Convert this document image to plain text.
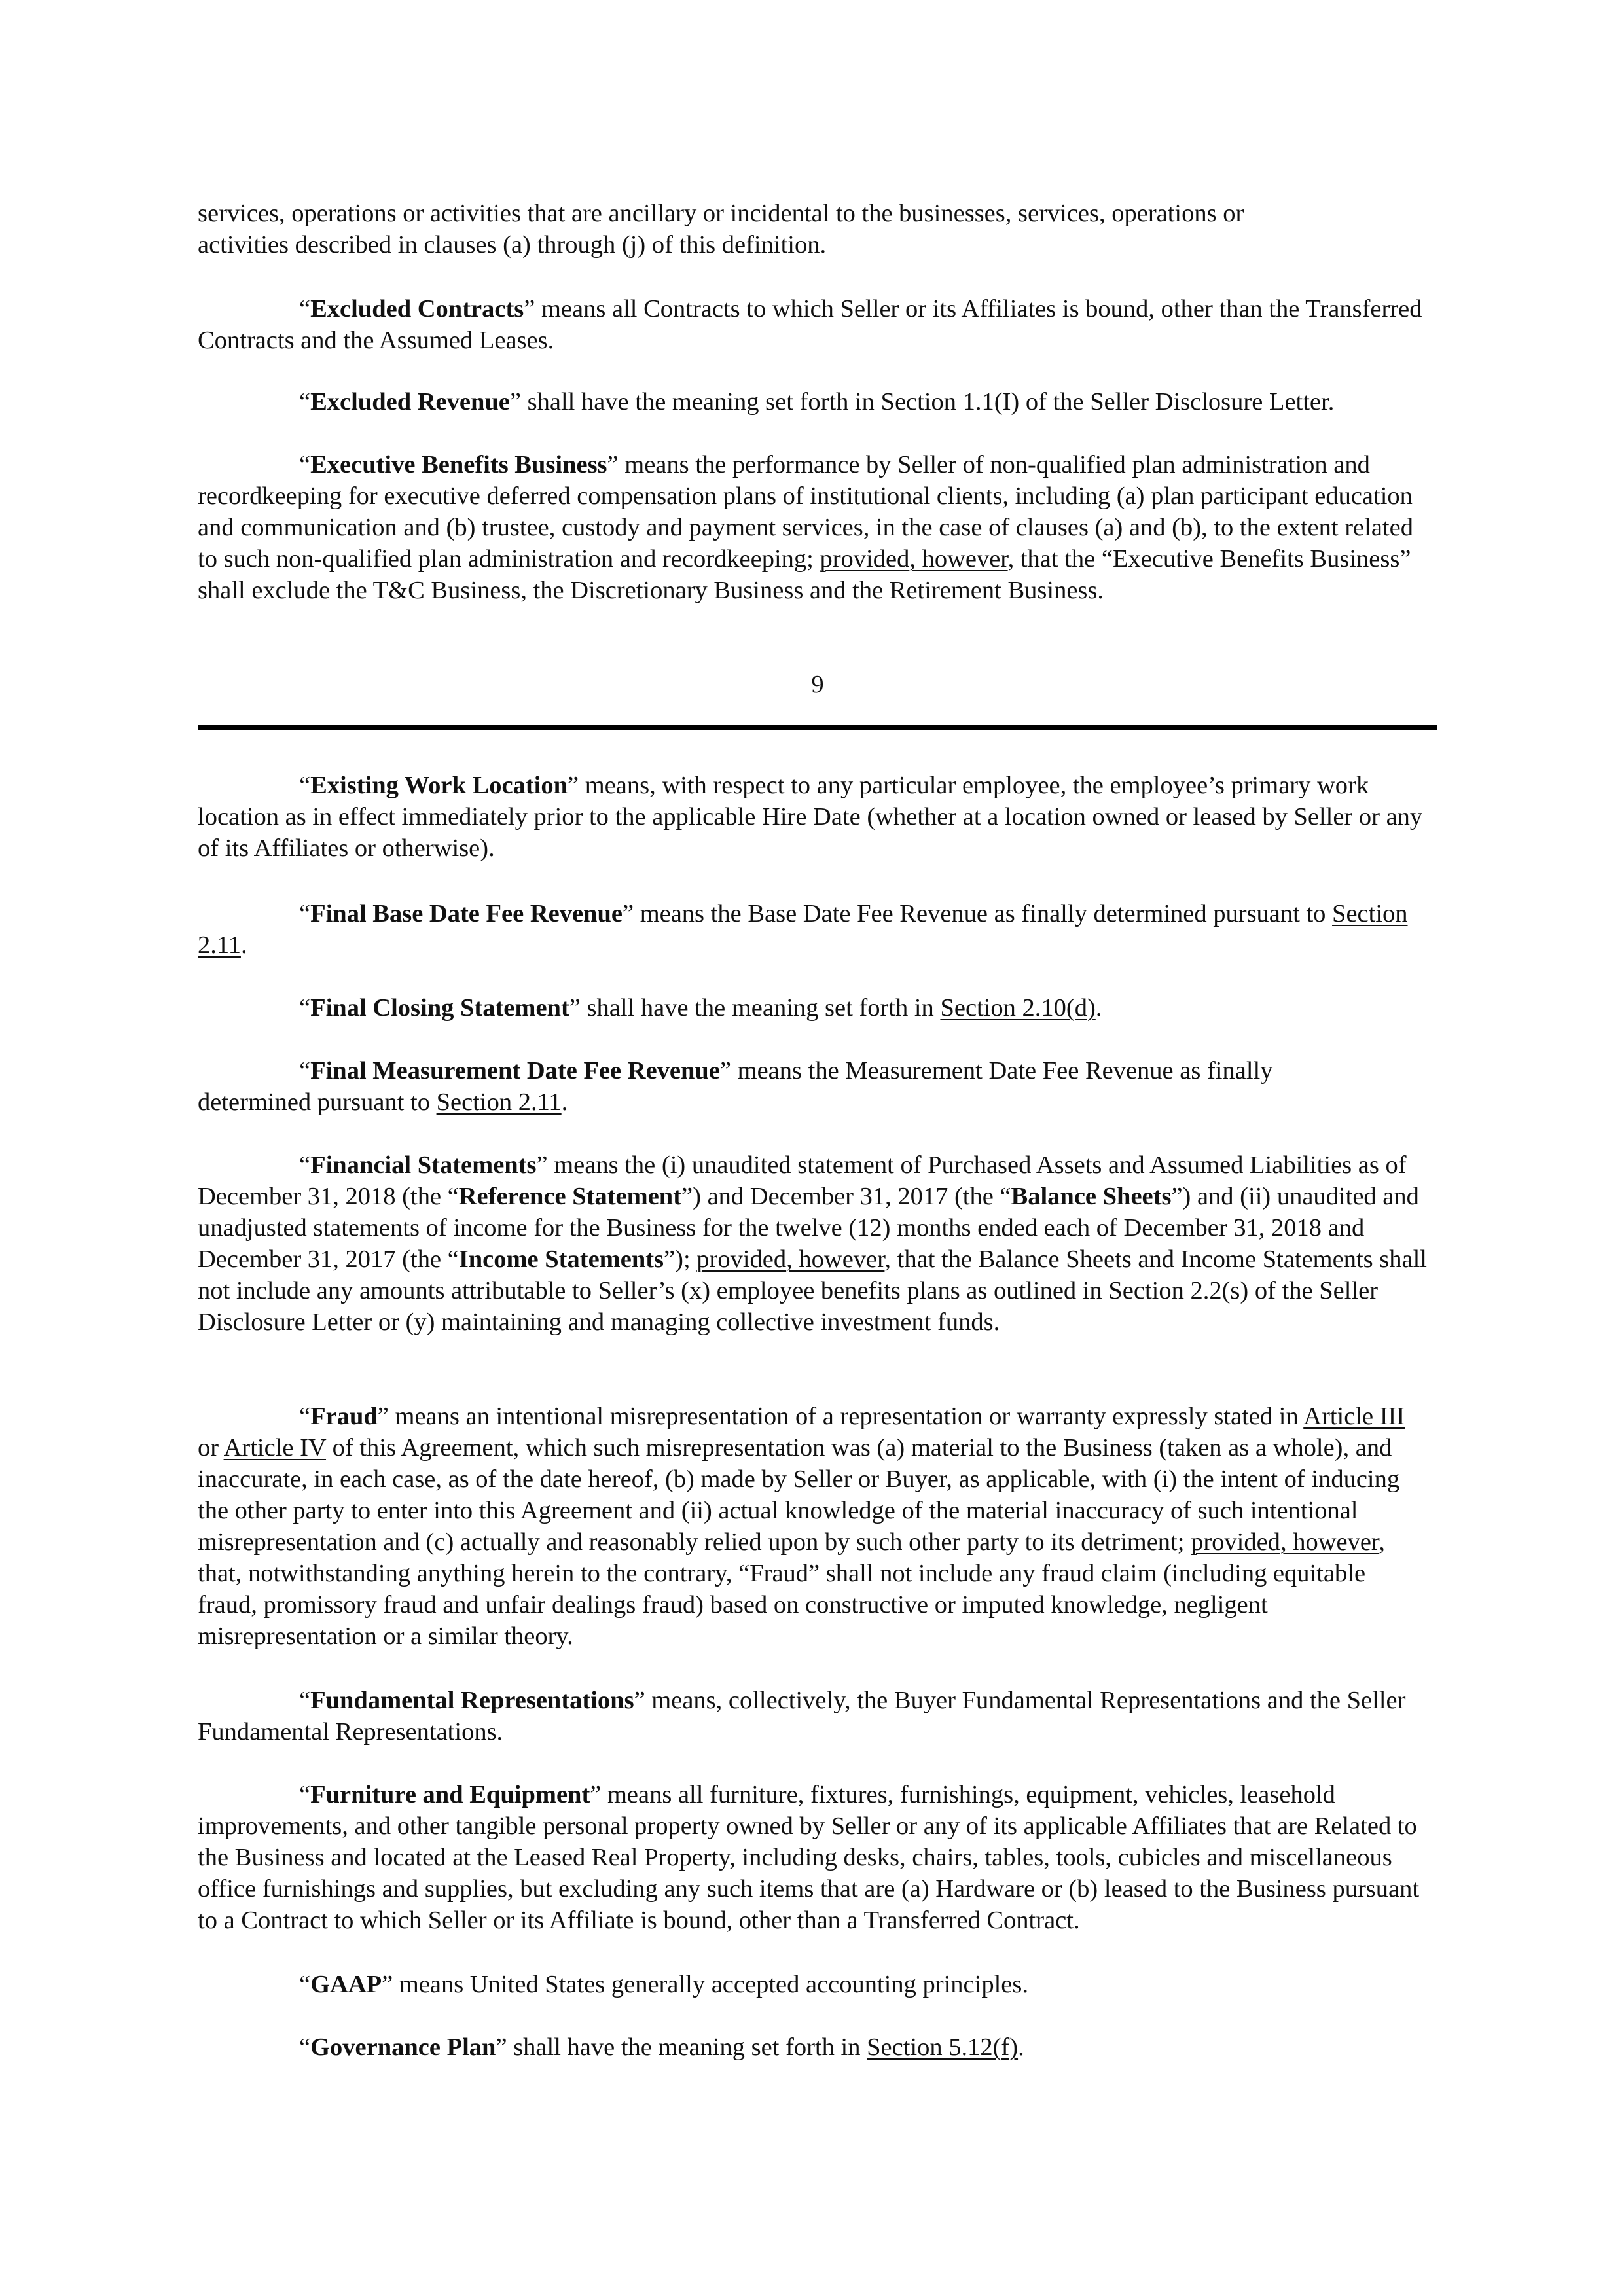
services, operations or activities that are ancillary or incidental to the businesses, services, operations or activities described in clauses (a) through (j) of this definition.

“Excluded Contracts” means all Contracts to which Seller or its Affiliates is bound, other than the Transferred Contracts and the Assumed Leases.

“Excluded Revenue” shall have the meaning set forth in Section 1.1(I) of the Seller Disclosure Letter.

“Executive Benefits Business” means the performance by Seller of non-qualified plan administration and recordkeeping for executive deferred compensation plans of institutional clients, including (a) plan participant education and communication and (b) trustee, custody and payment services, in the case of clauses (a) and (b), to the extent related to such non-qualified plan administration and recordkeeping; provided, however, that the “Executive Benefits Business” shall exclude the T&C Business, the Discretionary Business and the Retirement Business.

9

“Existing Work Location” means, with respect to any particular employee, the employee’s primary work location as in effect immediately prior to the applicable Hire Date (whether at a location owned or leased by Seller or any of its Affiliates or otherwise).

“Final Base Date Fee Revenue” means the Base Date Fee Revenue as finally determined pursuant to Section 2.11.

“Final Closing Statement” shall have the meaning set forth in Section 2.10(d).

“Final Measurement Date Fee Revenue” means the Measurement Date Fee Revenue as finally determined pursuant to Section 2.11.

“Financial Statements” means the (i) unaudited statement of Purchased Assets and Assumed Liabilities as of December 31, 2018 (the “Reference Statement”) and December 31, 2017 (the “Balance Sheets”) and (ii) unaudited and unadjusted statements of income for the Business for the twelve (12) months ended each of December 31, 2018 and December 31, 2017 (the “Income Statements”); provided, however, that the Balance Sheets and Income Statements shall not include any amounts attributable to Seller’s (x) employee benefits plans as outlined in Section 2.2(s) of the Seller Disclosure Letter or (y) maintaining and managing collective investment funds.

“Fraud” means an intentional misrepresentation of a representation or warranty expressly stated in Article III or Article IV of this Agreement, which such misrepresentation was (a) material to the Business (taken as a whole), and inaccurate, in each case, as of the date hereof, (b) made by Seller or Buyer, as applicable, with (i) the intent of inducing the other party to enter into this Agreement and (ii) actual knowledge of the material inaccuracy of such intentional misrepresentation and (c) actually and reasonably relied upon by such other party to its detriment; provided, however, that, notwithstanding anything herein to the contrary, “Fraud” shall not include any fraud claim (including equitable fraud, promissory fraud and unfair dealings fraud) based on constructive or imputed knowledge, negligent misrepresentation or a similar theory.

“Fundamental Representations” means, collectively, the Buyer Fundamental Representations and the Seller Fundamental Representations.

“Furniture and Equipment” means all furniture, fixtures, furnishings, equipment, vehicles, leasehold improvements, and other tangible personal property owned by Seller or any of its applicable Affiliates that are Related to the Business and located at the Leased Real Property, including desks, chairs, tables, tools, cubicles and miscellaneous office furnishings and supplies, but excluding any such items that are (a) Hardware or (b) leased to the Business pursuant to a Contract to which Seller or its Affiliate is bound, other than a Transferred Contract.

“GAAP” means United States generally accepted accounting principles.

“Governance Plan” shall have the meaning set forth in Section 5.12(f).
